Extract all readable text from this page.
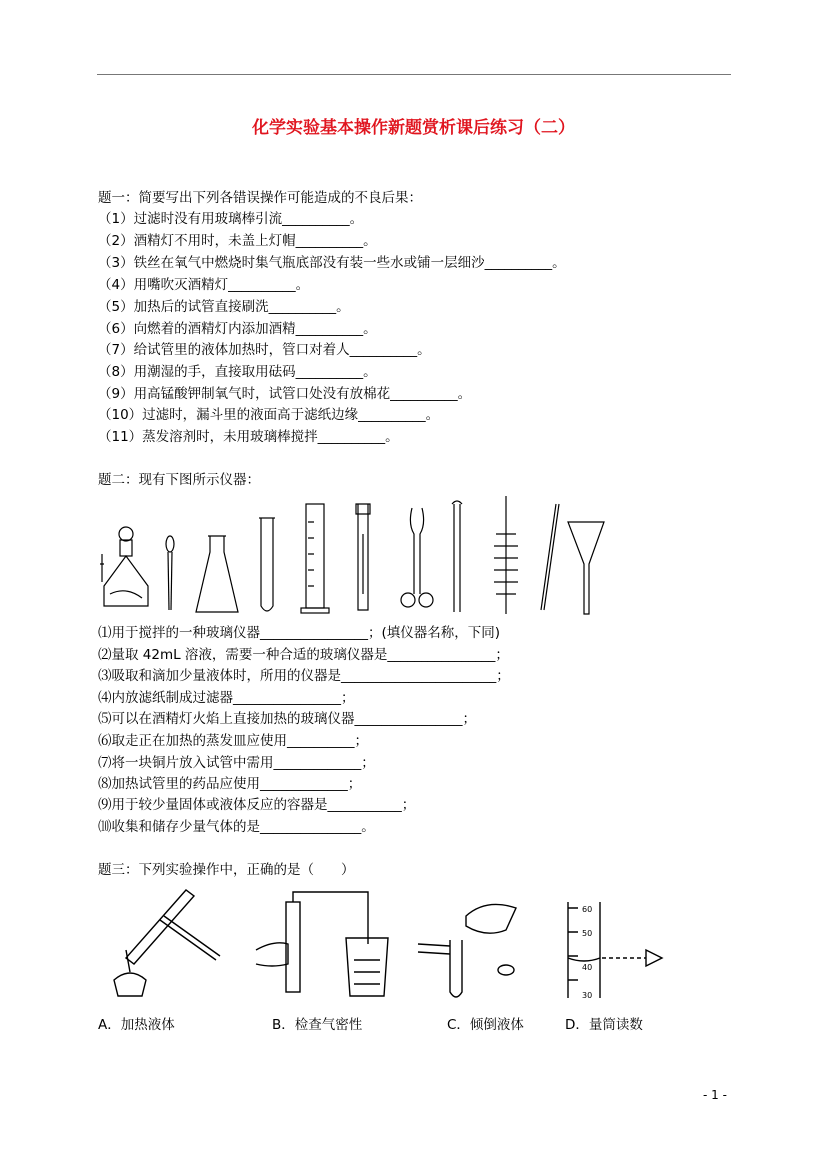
化学实验基本操作新题赏析课后练习（二）
题一：简要写出下列各错误操作可能造成的不良后果：
（1）过滤时没有用玻璃棒引流__________。
（2）酒精灯不用时，未盖上灯帽__________。
（3）铁丝在氧气中燃烧时集气瓶底部没有装一些水或铺一层细沙__________。
（4）用嘴吹灭酒精灯__________。
（5）加热后的试管直接刷洗__________。
（6）向燃着的酒精灯内添加酒精__________。
（7）给试管里的液体加热时，管口对着人__________。
（8）用潮湿的手，直接取用砝码__________。
（9）用高锰酸钾制氧气时，试管口处没有放棉花__________。
（10）过滤时，漏斗里的液面高于滤纸边缘__________。
（11）蒸发溶剂时，未用玻璃棒搅拌__________。
题二：现有下图所示仪器：
⑴用于搅拌的一种玻璃仪器________________；(填仪器名称，下同)
⑵量取 42mL 溶液，需要一种合适的玻璃仪器是________________；
⑶吸取和滴加少量液体时，所用的仪器是_______________________；
⑷内放滤纸制成过滤器________________；
⑸可以在酒精灯火焰上直接加热的玻璃仪器________________；
⑹取走正在加热的蒸发皿应使用__________；
⑺将一块铜片放入试管中需用_____________；
⑻加热试管里的药品应使用_____________；
⑼用于较少量固体或液体反应的容器是___________；
⑽收集和储存少量气体的是_______________。
题三：下列实验操作中，正确的是（　　）
60
50
40
30
A．加热液体	B．检查气密性	C．倾倒液体	D．量筒读数
- 1 -
